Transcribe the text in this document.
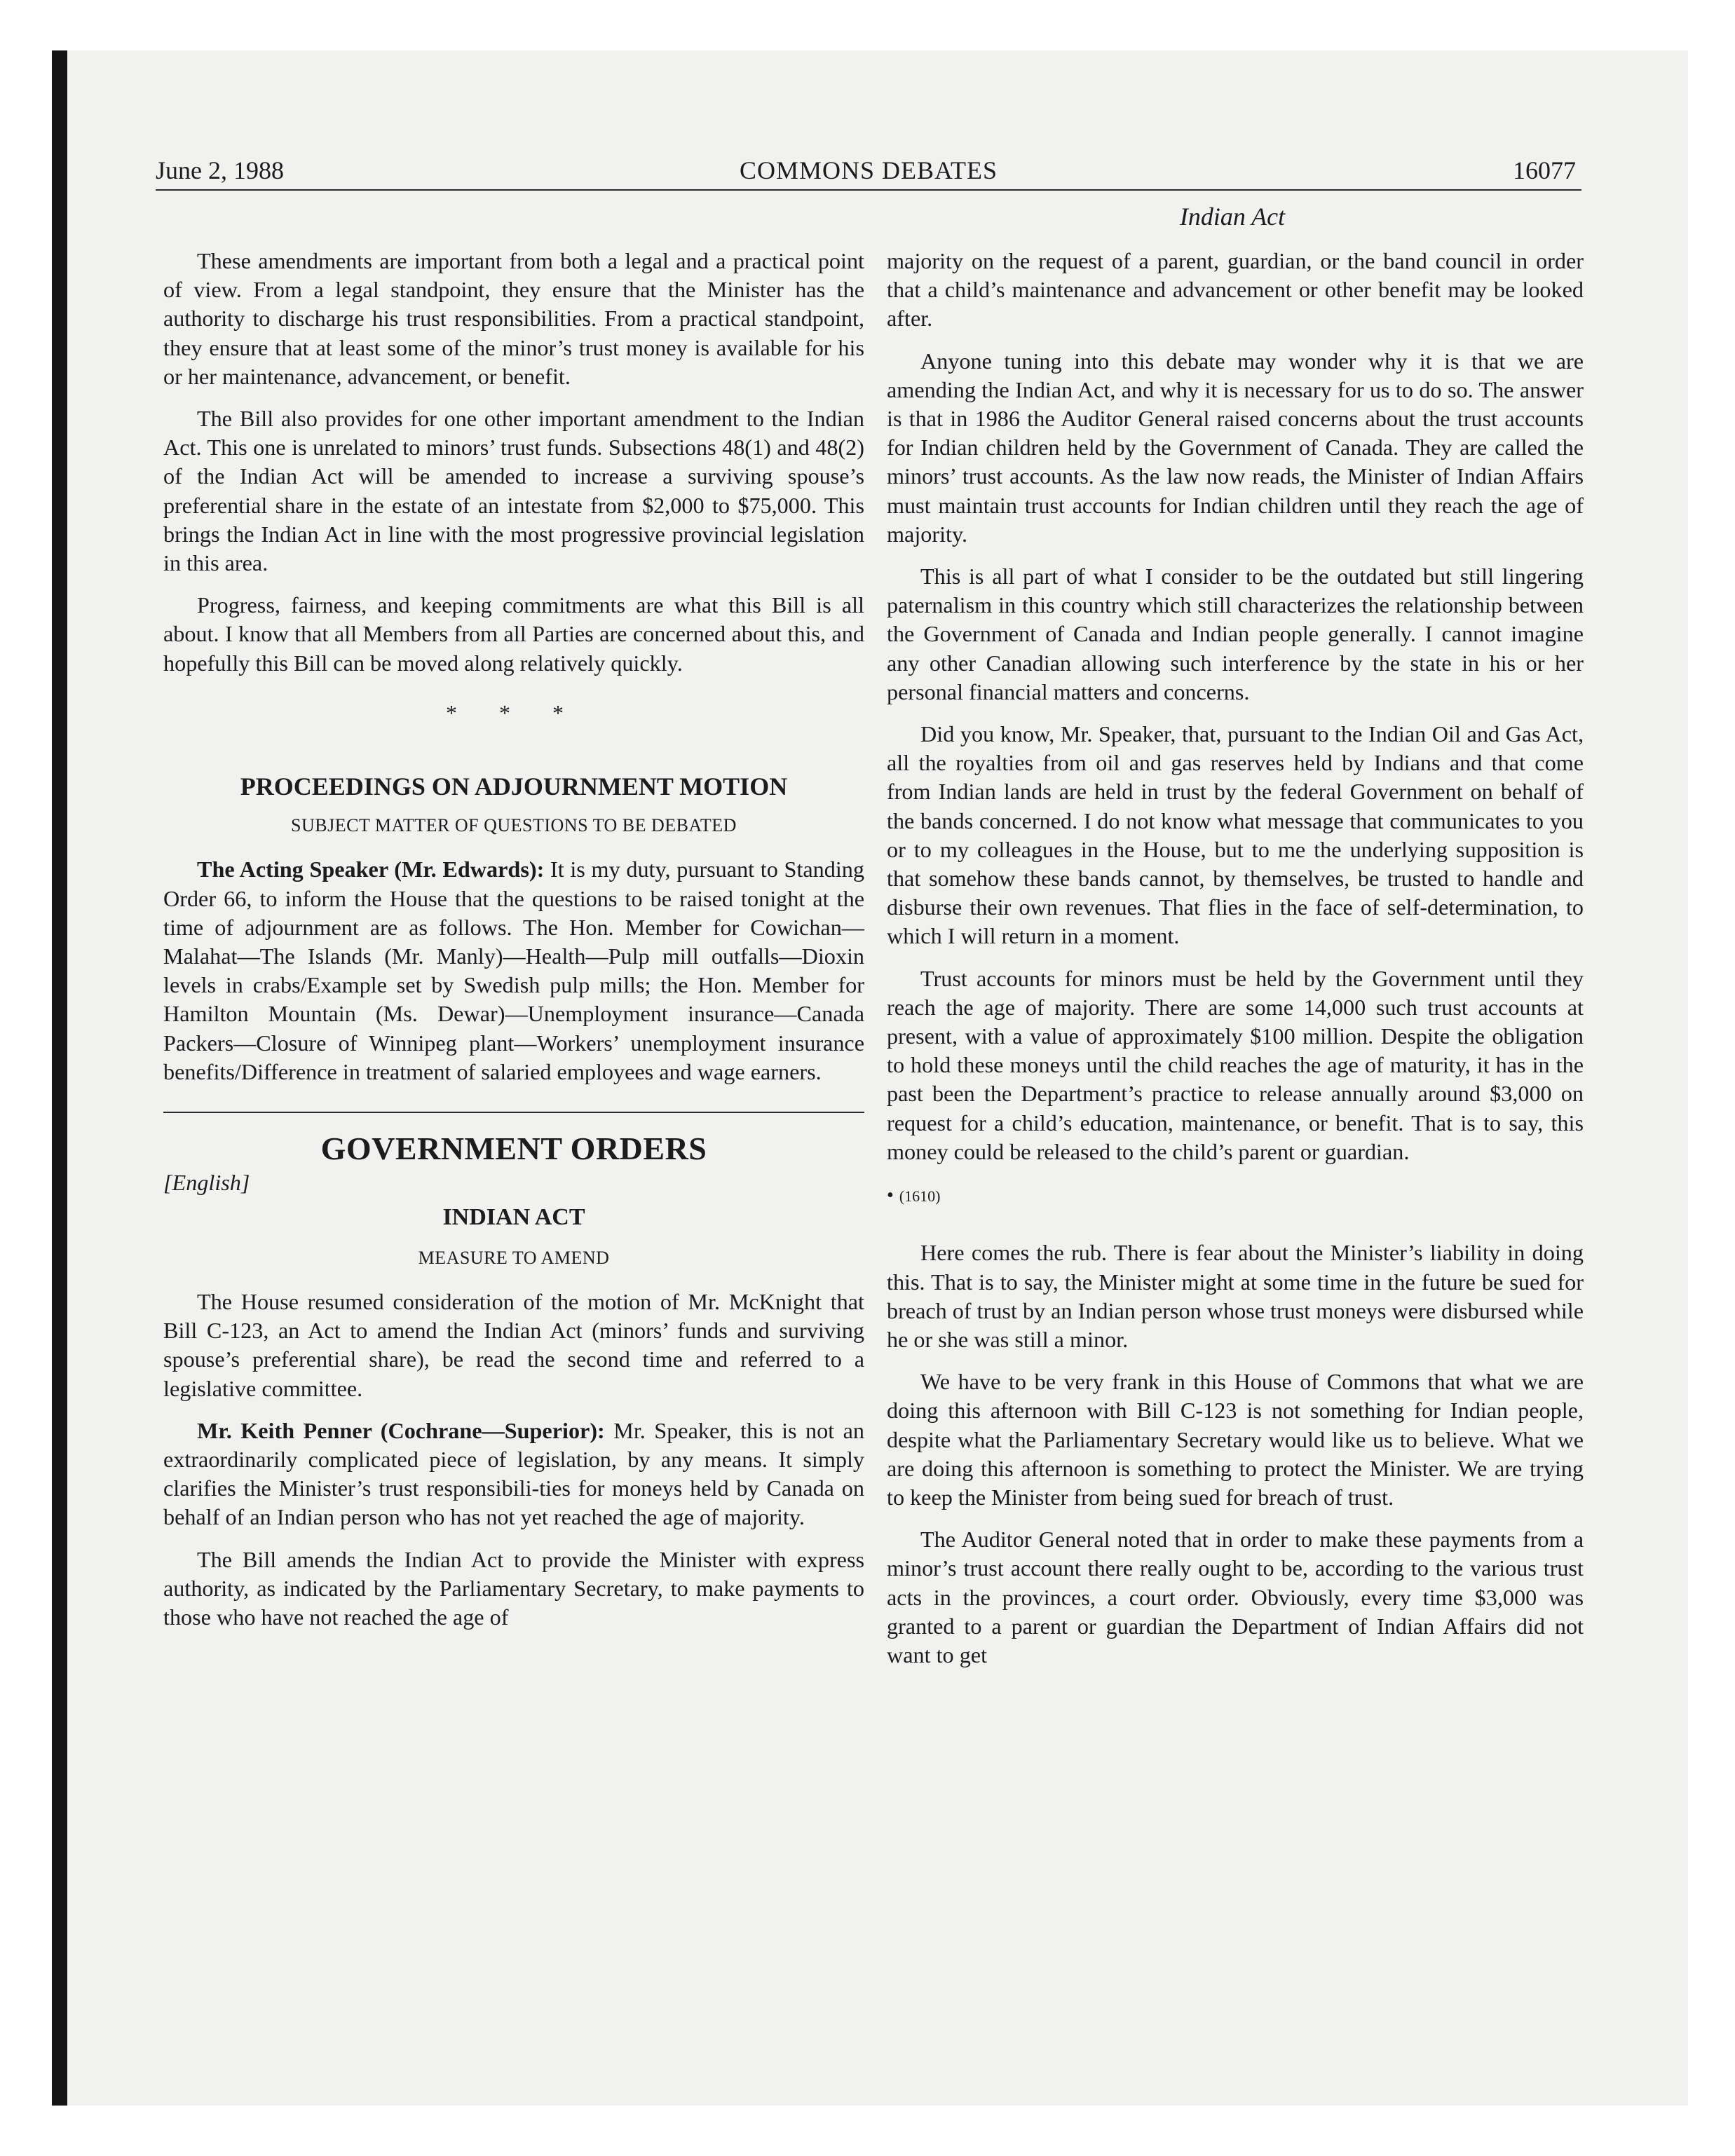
June 2, 1988	COMMONS DEBATES	16077
Indian Act

These amendments are important from both a legal and a practical point of view. From a legal standpoint, they ensure that the Minister has the authority to discharge his trust responsibilities. From a practical standpoint, they ensure that at least some of the minor’s trust money is available for his or her maintenance, advancement, or benefit.

The Bill also provides for one other important amendment to the Indian Act. This one is unrelated to minors’ trust funds. Subsections 48(1) and 48(2) of the Indian Act will be amended to increase a surviving spouse’s preferential share in the estate of an intestate from $2,000 to $75,000. This brings the Indian Act in line with the most progressive provincial legislation in this area.

Progress, fairness, and keeping commitments are what this Bill is all about. I know that all Members from all Parties are concerned about this, and hopefully this Bill can be moved along relatively quickly.

* * *
PROCEEDINGS ON ADJOURNMENT MOTION
SUBJECT MATTER OF QUESTIONS TO BE DEBATED

The Acting Speaker (Mr. Edwards): It is my duty, pursuant to Standing Order 66, to inform the House that the questions to be raised tonight at the time of adjournment are as follows. The Hon. Member for Cowichan—Malahat—The Islands (Mr. Manly)—Health—Pulp mill outfalls—Dioxin levels in crabs/Example set by Swedish pulp mills; the Hon. Member for Hamilton Mountain (Ms. Dewar)—Unemployment insurance—Canada Packers—Closure of Winnipeg plant—Workers’ unemployment insurance benefits/Difference in treatment of salaried employees and wage earners.

GOVERNMENT ORDERS

[English]

INDIAN ACT
MEASURE TO AMEND

The House resumed consideration of the motion of Mr. McKnight that Bill C-123, an Act to amend the Indian Act (minors’ funds and surviving spouse’s preferential share), be read the second time and referred to a legislative committee.

Mr. Keith Penner (Cochrane—Superior): Mr. Speaker, this is not an extraordinarily complicated piece of legislation, by any means. It simply clarifies the Minister’s trust responsibili-ties for moneys held by Canada on behalf of an Indian person who has not yet reached the age of majority.

The Bill amends the Indian Act to provide the Minister with express authority, as indicated by the Parliamentary Secretary, to make payments to those who have not reached the age of

majority on the request of a parent, guardian, or the band council in order that a child’s maintenance and advancement or other benefit may be looked after.

Anyone tuning into this debate may wonder why it is that we are amending the Indian Act, and why it is necessary for us to do so. The answer is that in 1986 the Auditor General raised concerns about the trust accounts for Indian children held by the Government of Canada. They are called the minors’ trust accounts. As the law now reads, the Minister of Indian Affairs must maintain trust accounts for Indian children until they reach the age of majority.

This is all part of what I consider to be the outdated but still lingering paternalism in this country which still characterizes the relationship between the Government of Canada and Indian people generally. I cannot imagine any other Canadian allowing such interference by the state in his or her personal financial matters and concerns.

Did you know, Mr. Speaker, that, pursuant to the Indian Oil and Gas Act, all the royalties from oil and gas reserves held by Indians and that come from Indian lands are held in trust by the federal Government on behalf of the bands concerned. I do not know what message that communicates to you or to my colleagues in the House, but to me the underlying supposition is that somehow these bands cannot, by themselves, be trusted to handle and disburse their own revenues. That flies in the face of self-determination, to which I will return in a moment.

Trust accounts for minors must be held by the Government until they reach the age of majority. There are some 14,000 such trust accounts at present, with a value of approximately $100 million. Despite the obligation to hold these moneys until the child reaches the age of maturity, it has in the past been the Department’s practice to release annually around $3,000 on request for a child’s education, maintenance, or benefit. That is to say, this money could be released to the child’s parent or guardian.

• (1610)

Here comes the rub. There is fear about the Minister’s liability in doing this. That is to say, the Minister might at some time in the future be sued for breach of trust by an Indian person whose trust moneys were disbursed while he or she was still a minor.

We have to be very frank in this House of Commons that what we are doing this afternoon with Bill C-123 is not something for Indian people, despite what the Parliamentary Secretary would like us to believe. What we are doing this afternoon is something to protect the Minister. We are trying to keep the Minister from being sued for breach of trust.

The Auditor General noted that in order to make these payments from a minor’s trust account there really ought to be, according to the various trust acts in the provinces, a court order. Obviously, every time $3,000 was granted to a parent or guardian the Department of Indian Affairs did not want to get
